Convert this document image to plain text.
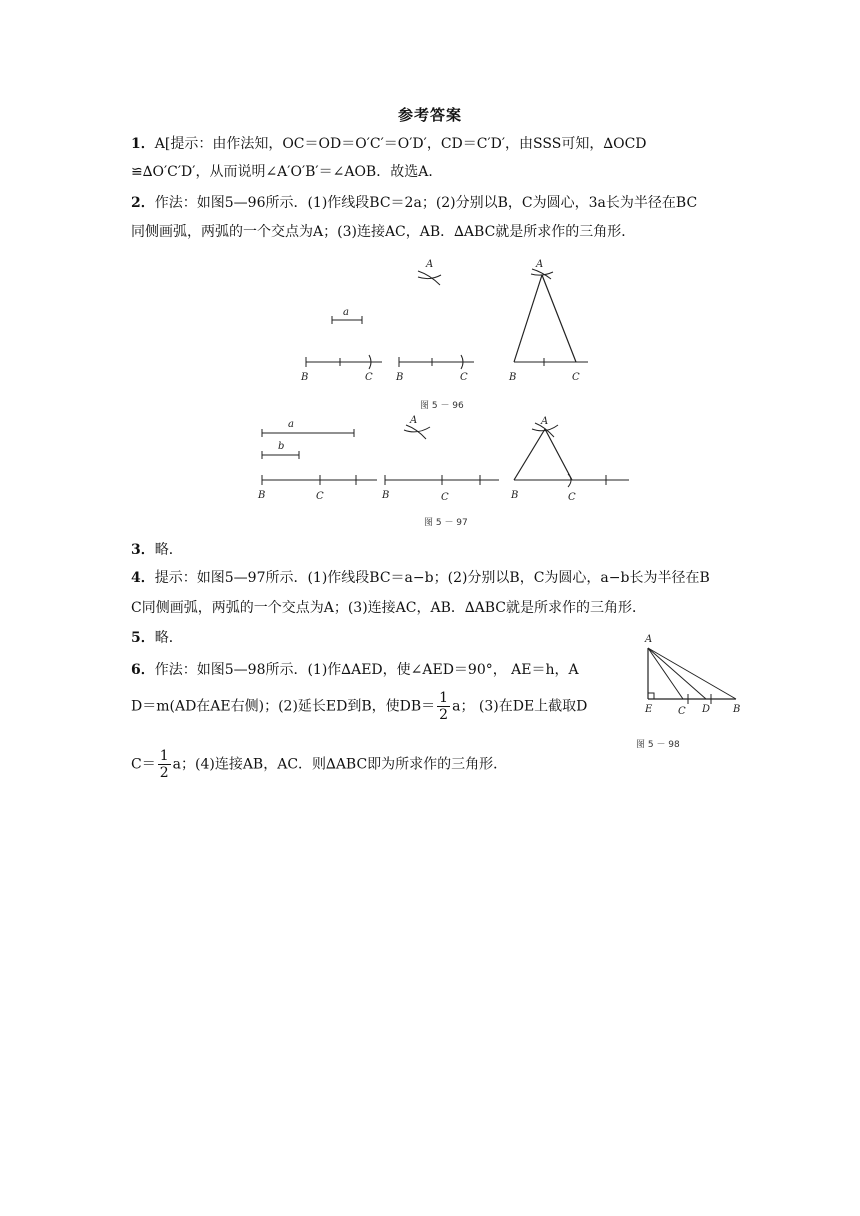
参考答案
1．A[提示：由作法知，OC＝OD＝O′C′＝O′D′，CD＝C′D′，由SSS可知，∆OCD
≌∆O′C′D′，从而说明∠A′O′B′＝∠AOB．故选A．
2．作法：如图5—96所示．(1)作线段BC＝2a；(2)分别以B，C为圆心，3a长为半径在BC
同侧画弧，两弧的一个交点为A；(3)连接AC，AB．∆ABC就是所求作的三角形．
a
B	C
A
B	C
A
B	C
图 5 － 96
a
b
B	C
A
B	C
A
B	C
图 5 － 97
3．略．
4．提示：如图5—97所示．(1)作线段BC＝a−b；(2)分别以B，C为圆心，a−b长为半径在B
C同侧画弧，两弧的一个交点为A；(3)连接AC，AB．∆ABC就是所求作的三角形．
5．略．
6．作法：如图5—98所示．(1)作∆AED，使∠AED＝90°， AE＝h，A
D＝m(AD在AE右侧)；(2)延长ED到B，使$DB= \frac{1}{2}$ a； (3)在DE上截取D
$C= \frac{1}{2}$ a；(4)连接AB，AC．则∆ABC即为所求作的三角形．
A
E	C D B
图 5 － 98
